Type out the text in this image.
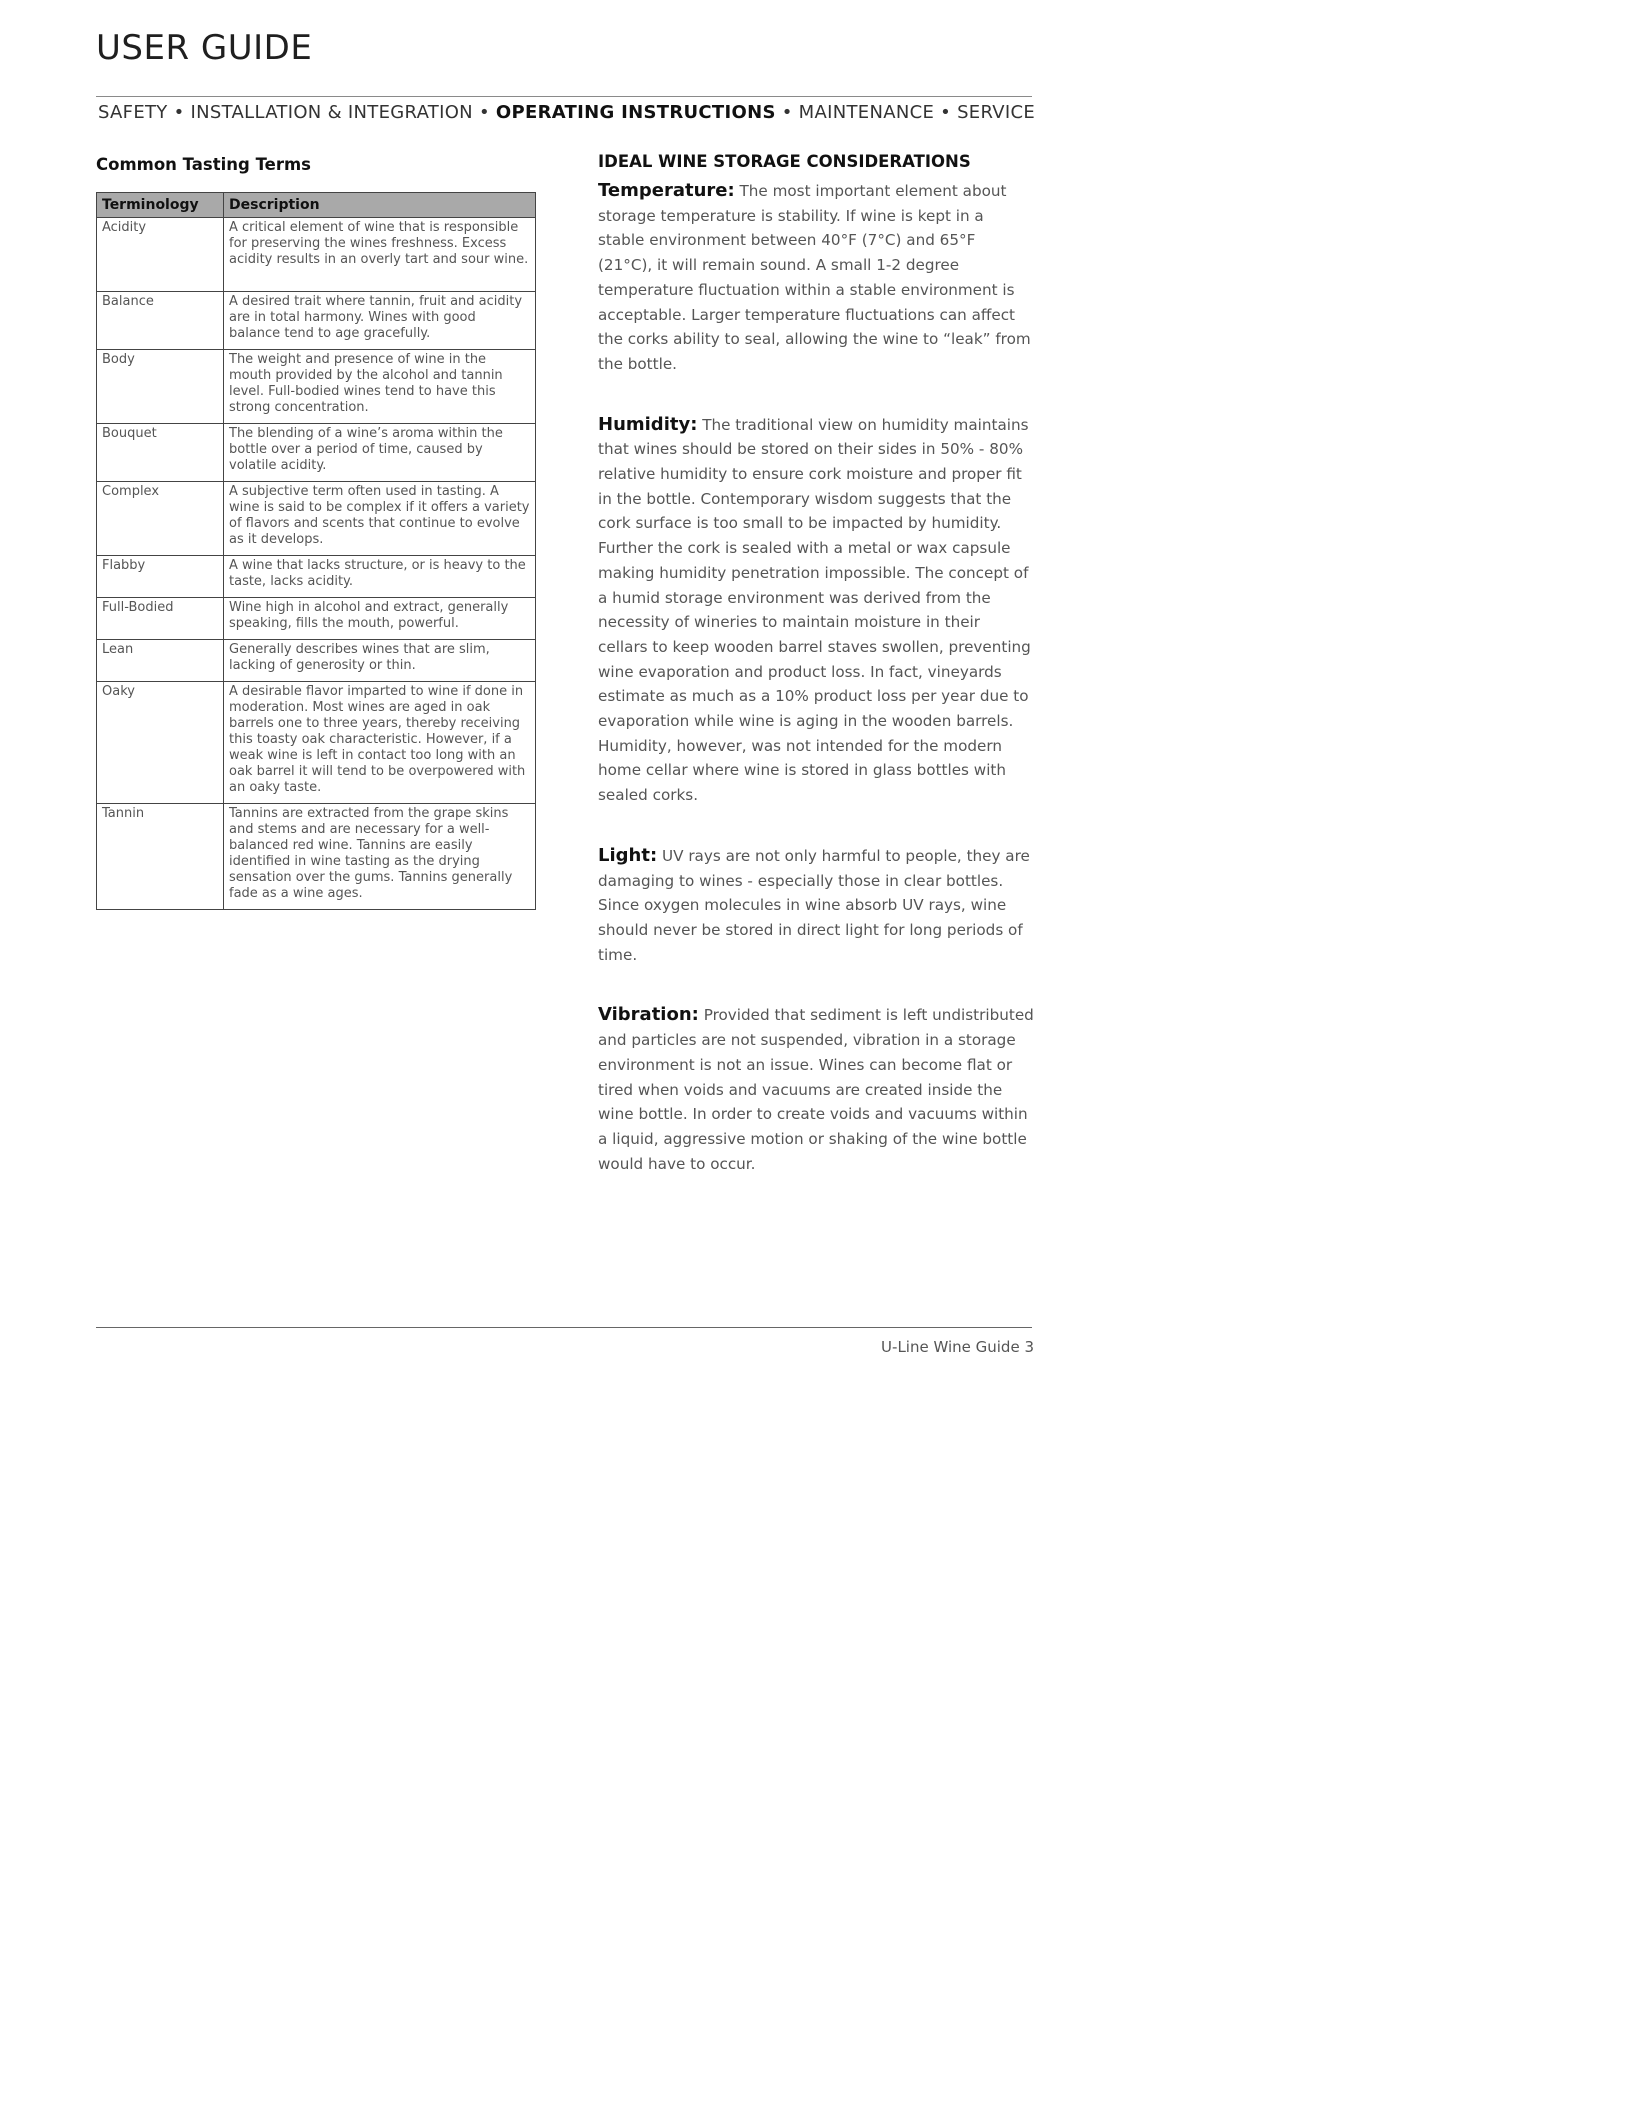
USER GUIDE
SAFETY • INSTALLATION & INTEGRATION • OPERATING INSTRUCTIONS • MAINTENANCE • SERVICE
Common Tasting Terms
Terminology	Description
Acidity	A critical element of wine that is responsible for preserving the wines freshness. Excess acidity results in an overly tart and sour wine.
Balance	A desired trait where tannin, fruit and acidity are in total harmony. Wines with good balance tend to age gracefully.
Body	The weight and presence of wine in the mouth provided by the alcohol and tannin level. Full-bodied wines tend to have this strong concentration.
Bouquet	The blending of a wine’s aroma within the bottle over a period of time, caused by volatile acidity.
Complex	A subjective term often used in tasting. A wine is said to be complex if it offers a variety of flavors and scents that continue to evolve as it develops.
Flabby	A wine that lacks structure, or is heavy to the taste, lacks acidity.
Full-Bodied	Wine high in alcohol and extract, generally speaking, fills the mouth, powerful.
Lean	Generally describes wines that are slim, lacking of generosity or thin.
Oaky	A desirable flavor imparted to wine if done in moderation. Most wines are aged in oak barrels one to three years, thereby receiving this toasty oak characteristic. However, if a weak wine is left in contact too long with an oak barrel it will tend to be overpowered with an oaky taste.
Tannin	Tannins are extracted from the grape skins and stems and are necessary for a well-balanced red wine. Tannins are easily identified in wine tasting as the drying sensation over the gums. Tannins generally fade as a wine ages.
IDEAL WINE STORAGE CONSIDERATIONS

Temperature: The most important element about storage temperature is stability. If wine is kept in a stable environment between 40°F (7°C) and 65°F (21°C), it will remain sound. A small 1-2 degree temperature fluctuation within a stable environment is acceptable. Larger temperature fluctuations can affect the corks ability to seal, allowing the wine to “leak” from the bottle.

Humidity: The traditional view on humidity maintains that wines should be stored on their sides in 50% - 80% relative humidity to ensure cork moisture and proper fit in the bottle. Contemporary wisdom suggests that the cork surface is too small to be impacted by humidity. Further the cork is sealed with a metal or wax capsule making humidity penetration impossible. The concept of a humid storage environment was derived from the necessity of wineries to maintain moisture in their cellars to keep wooden barrel staves swollen, preventing wine evaporation and product loss. In fact, vineyards estimate as much as a 10% product loss per year due to evaporation while wine is aging in the wooden barrels. Humidity, however, was not intended for the modern home cellar where wine is stored in glass bottles with sealed corks.

Light: UV rays are not only harmful to people, they are damaging to wines - especially those in clear bottles. Since oxygen molecules in wine absorb UV rays, wine should never be stored in direct light for long periods of time.

Vibration: Provided that sediment is left undistributed and particles are not suspended, vibration in a storage environment is not an issue. Wines can become flat or tired when voids and vacuums are created inside the wine bottle. In order to create voids and vacuums within a liquid, aggressive motion or shaking of the wine bottle would have to occur.

U-Line Wine Guide 3
